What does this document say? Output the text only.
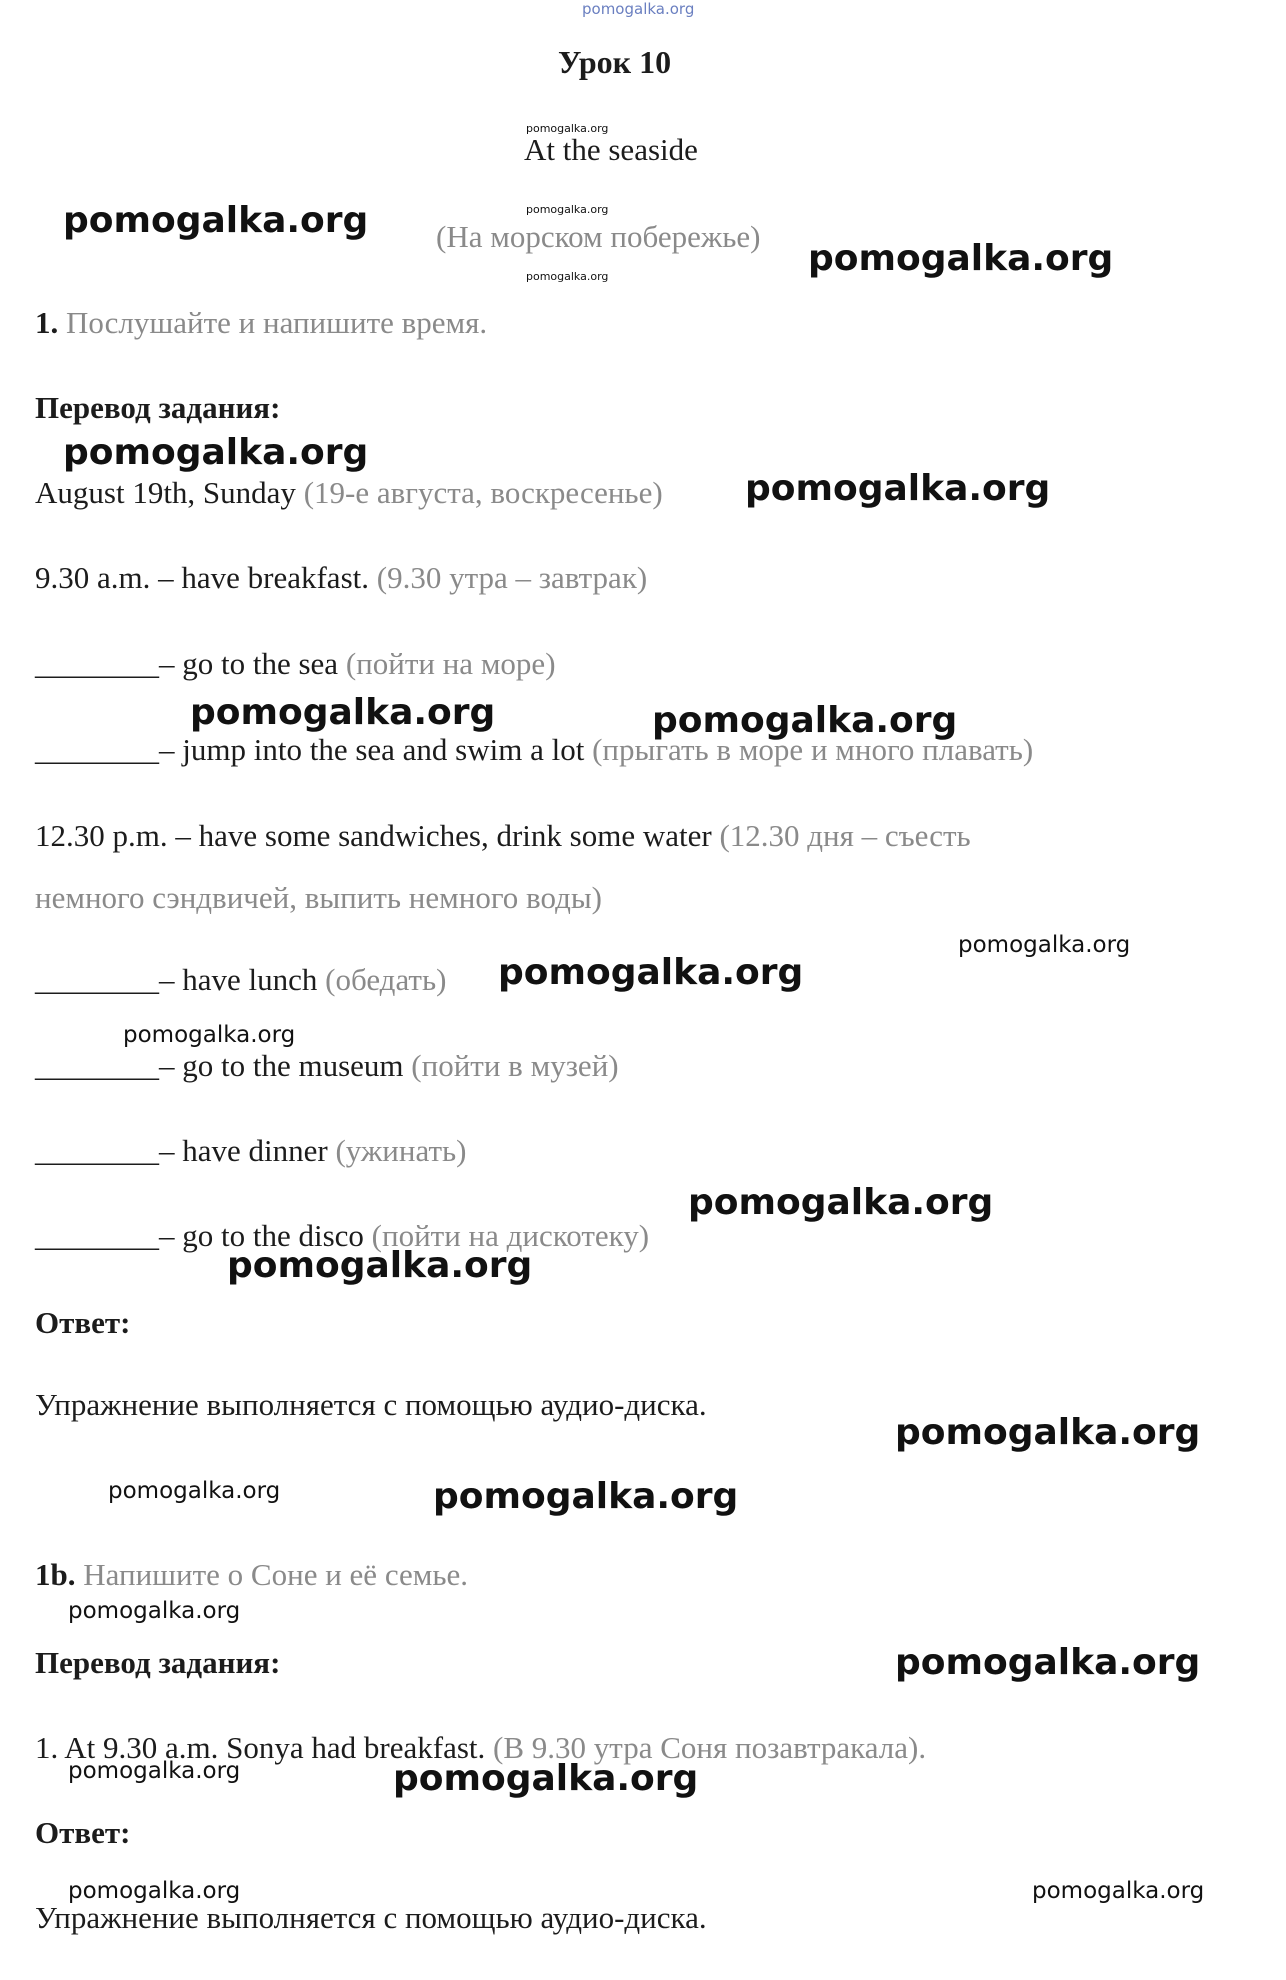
pomogalka.org
Урок 10
pomogalka.org
At the seaside
pomogalka.org
(На морском побережье)
pomogalka.org
pomogalka.org
pomogalka.org
1. Послушайте и напишите время.
Перевод задания:
pomogalka.org
August 19th, Sunday (19-е августа, воскресенье) pomogalka.org
9.30 a.m. – have breakfast. (9.30 утра – завтрак)
________– go to the sea (пойти на море)
pomogalka.org	pomogalka.org
________– jump into the sea and swim a lot (прыгать в море и много плавать)
12.30 p.m. – have some sandwiches, drink some water (12.30 дня – съесть
немного сэндвичей, выпить немного воды)
pomogalka.org
________– have lunch (обедать) pomogalka.org
pomogalka.org
________– go to the museum (пойти в музей)
________– have dinner (ужинать)
pomogalka.org
________– go to the disco (пойти на дискотеку)
pomogalka.org
Ответ:
Упражнение выполняется с помощью аудио-диска.
pomogalka.org
pomogalka.org	pomogalka.org
1b. Напишите о Соне и её семье.
pomogalka.org
Перевод задания:	pomogalka.org
1. At 9.30 a.m. Sonya had breakfast. (В 9.30 утра Соня позавтракала).
pomogalka.org	pomogalka.org
Ответ:
pomogalka.org	pomogalka.org
Упражнение выполняется с помощью аудио-диска.
